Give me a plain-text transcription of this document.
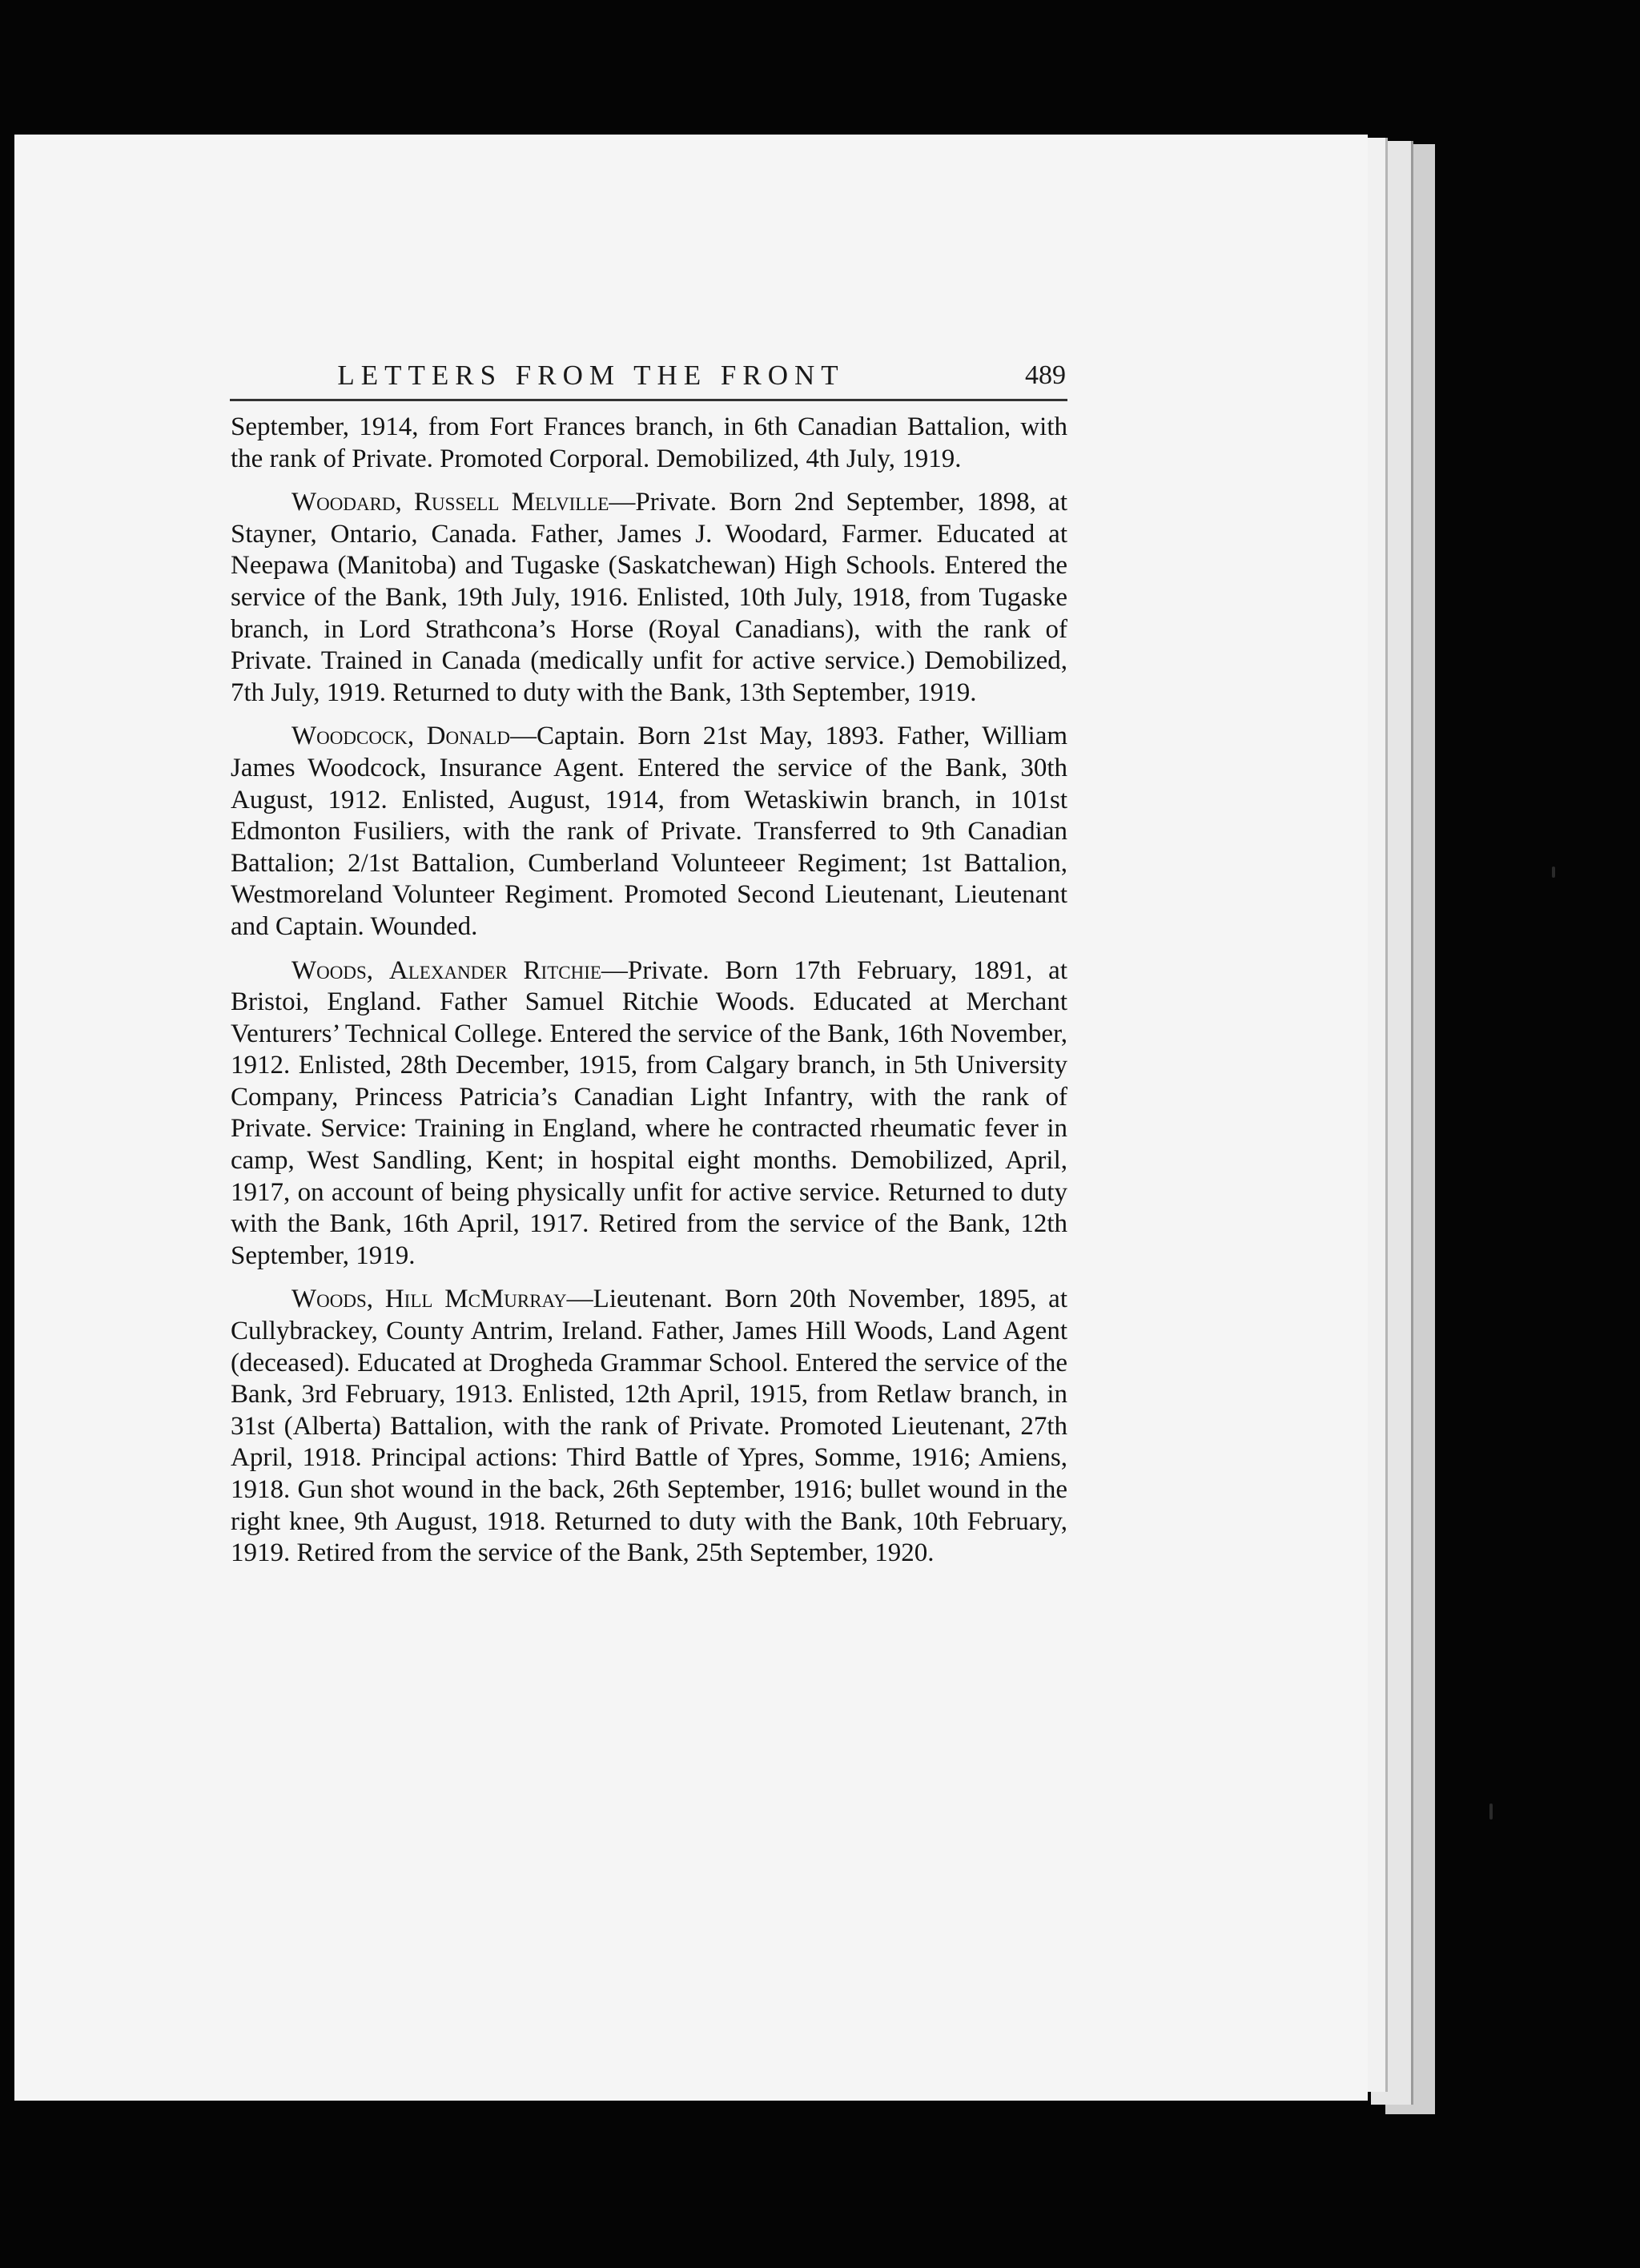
LETTERS FROM THE FRONT	489

September, 1914, from Fort Frances branch, in 6th Canadian Battalion, with the rank of Private. Promoted Corporal. Demobilized, 4th July, 1919.

Woodard, Russell Melville—Private. Born 2nd September, 1898, at Stayner, Ontario, Canada. Father, James J. Woodard, Farmer. Educated at Neepawa (Manitoba) and Tugaske (Saskatchewan) High Schools. Entered the service of the Bank, 19th July, 1916. Enlisted, 10th July, 1918, from Tugaske branch, in Lord Strathcona’s Horse (Royal Canadians), with the rank of Private. Trained in Canada (medically unfit for active service.) Demobilized, 7th July, 1919. Returned to duty with the Bank, 13th September, 1919.

Woodcock, Donald—Captain. Born 21st May, 1893. Father, William James Woodcock, Insurance Agent. Entered the service of the Bank, 30th August, 1912. Enlisted, August, 1914, from Wetaskiwin branch, in 101st Edmonton Fusiliers, with the rank of Private. Transferred to 9th Canadian Battalion; 2/1st Battalion, Cumberland Volunteeer Regiment; 1st Battalion, Westmoreland Volunteer Regiment. Promoted Second Lieutenant, Lieutenant and Captain. Wounded.

Woods, Alexander Ritchie—Private. Born 17th February, 1891, at Bristoi, England. Father Samuel Ritchie Woods. Educated at Merchant Venturers’ Technical College. Entered the service of the Bank, 16th November, 1912. Enlisted, 28th December, 1915, from Calgary branch, in 5th University Company, Princess Patricia’s Canadian Light Infantry, with the rank of Private. Service: Training in England, where he contracted rheumatic fever in camp, West Sandling, Kent; in hospital eight months. Demobilized, April, 1917, on account of being physically unfit for active service. Returned to duty with the Bank, 16th April, 1917. Retired from the service of the Bank, 12th September, 1919.

Woods, Hill McMurray—Lieutenant. Born 20th November, 1895, at Cullybrackey, County Antrim, Ireland. Father, James Hill Woods, Land Agent (deceased). Educated at Drogheda Grammar School. Entered the service of the Bank, 3rd February, 1913. Enlisted, 12th April, 1915, from Retlaw branch, in 31st (Alberta) Battalion, with the rank of Private. Promoted Lieutenant, 27th April, 1918. Principal actions: Third Battle of Ypres, Somme, 1916; Amiens, 1918. Gun shot wound in the back, 26th September, 1916; bullet wound in the right knee, 9th August, 1918. Returned to duty with the Bank, 10th February, 1919. Retired from the service of the Bank, 25th September, 1920.
